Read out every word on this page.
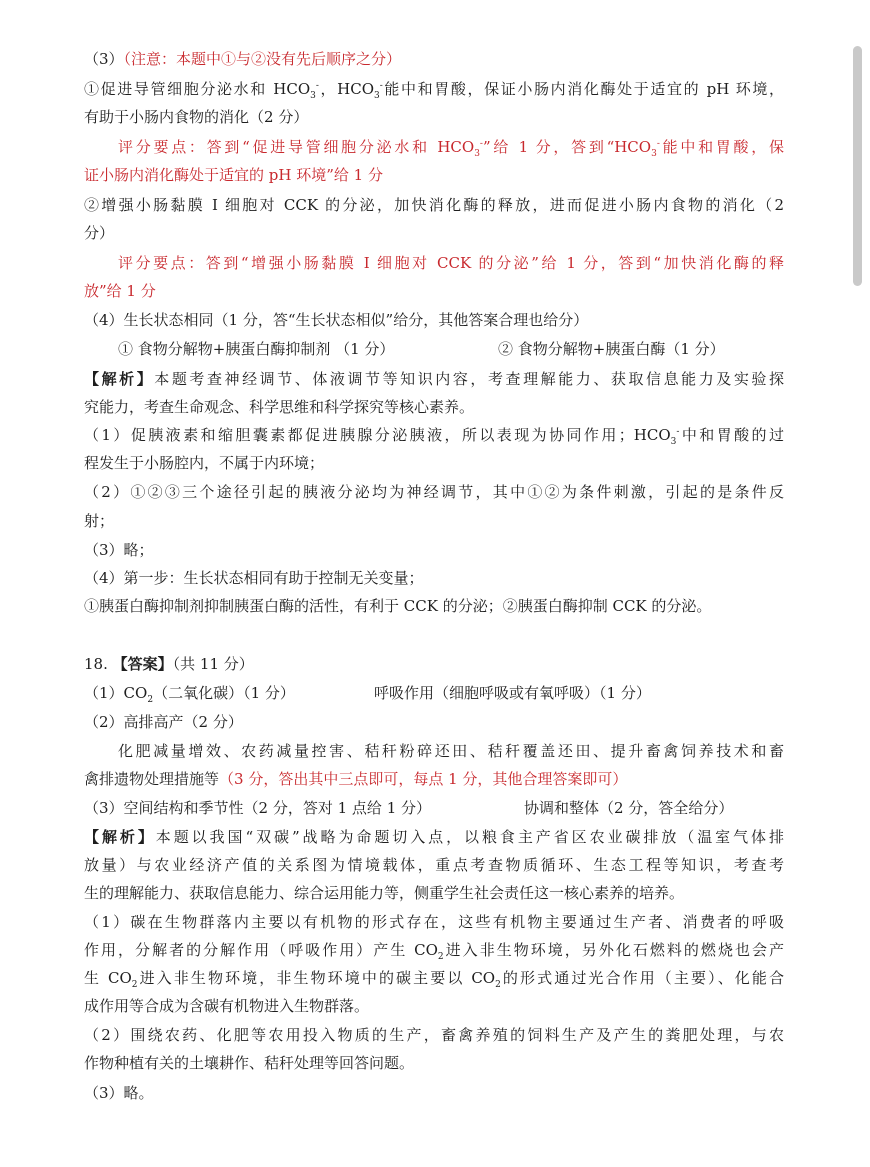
（3）（注意：本题中①与②没有先后顺序之分）
①促进导管细胞分泌水和 $HCO_3^-$，$HCO_3^-$能中和胃酸，保证小肠内消化酶处于适宜的 pH 环境，
有助于小肠内食物的消化（2 分）
评分要点：答到“促进导管细胞分泌水和 $HCO_3^-$”给 1 分，答到“$HCO_3^-$能中和胃酸，保
证小肠内消化酶处于适宜的 pH 环境”给 1 分
②增强小肠黏膜 I 细胞对 CCK 的分泌，加快消化酶的释放，进而促进小肠内食物的消化（2
分）
评分要点：答到“增强小肠黏膜 I 细胞对 CCK 的分泌”给 1 分，答到“加快消化酶的释
放”给 1 分
（4）生长状态相同（1 分，答“生长状态相似”给分，其他答案合理也给分）
① 食物分解物+胰蛋白酶抑制剂 （1 分）	② 食物分解物+胰蛋白酶（1 分）
【解析】本题考查神经调节、体液调节等知识内容，考查理解能力、获取信息能力及实验探
究能力，考查生命观念、科学思维和科学探究等核心素养。
（1）促胰液素和缩胆囊素都促进胰腺分泌胰液，所以表现为协同作用；$HCO_3^-$中和胃酸的过
程发生于小肠腔内，不属于内环境；
（2）①②③三个途径引起的胰液分泌均为神经调节，其中①②为条件刺激，引起的是条件反
射；
（3）略；
（4）第一步：生长状态相同有助于控制无关变量；
①胰蛋白酶抑制剂抑制胰蛋白酶的活性，有利于 CCK 的分泌；②胰蛋白酶抑制 CCK 的分泌。
18. 【答案】（共 11 分）
$(1)CO_2$（二氧化碳）（1 分）	呼吸作用（细胞呼吸或有氧呼吸）（1 分）
（2）高排高产（2 分）
化肥减量增效、农药减量控害、秸秆粉碎还田、秸秆覆盖还田、提升畜禽饲养技术和畜
禽排遗物处理措施等（3 分，答出其中三点即可，每点 1 分，其他合理答案即可）
（3）空间结构和季节性（2 分，答对 1 点给 1 分）	协调和整体（2 分，答全给分）
【解析】本题以我国“双碳”战略为命题切入点，以粮食主产省区农业碳排放（温室气体排
放量）与农业经济产值的关系图为情境载体，重点考查物质循环、生态工程等知识，考查考
生的理解能力、获取信息能力、综合运用能力等，侧重学生社会责任这一核心素养的培养。
（1）碳在生物群落内主要以有机物的形式存在，这些有机物主要通过生产者、消费者的呼吸
作用，分解者的分解作用（呼吸作用）产生 $CO_2$进入非生物环境，另外化石燃料的燃烧也会产
生 $CO_2$进入非生物环境，非生物环境中的碳主要以 $CO_2$的形式通过光合作用（主要）、化能合
成作用等合成为含碳有机物进入生物群落。
（2）围绕农药、化肥等农用投入物质的生产，畜禽养殖的饲料生产及产生的粪肥处理，与农
作物种植有关的土壤耕作、秸秆处理等回答问题。
（3）略。
